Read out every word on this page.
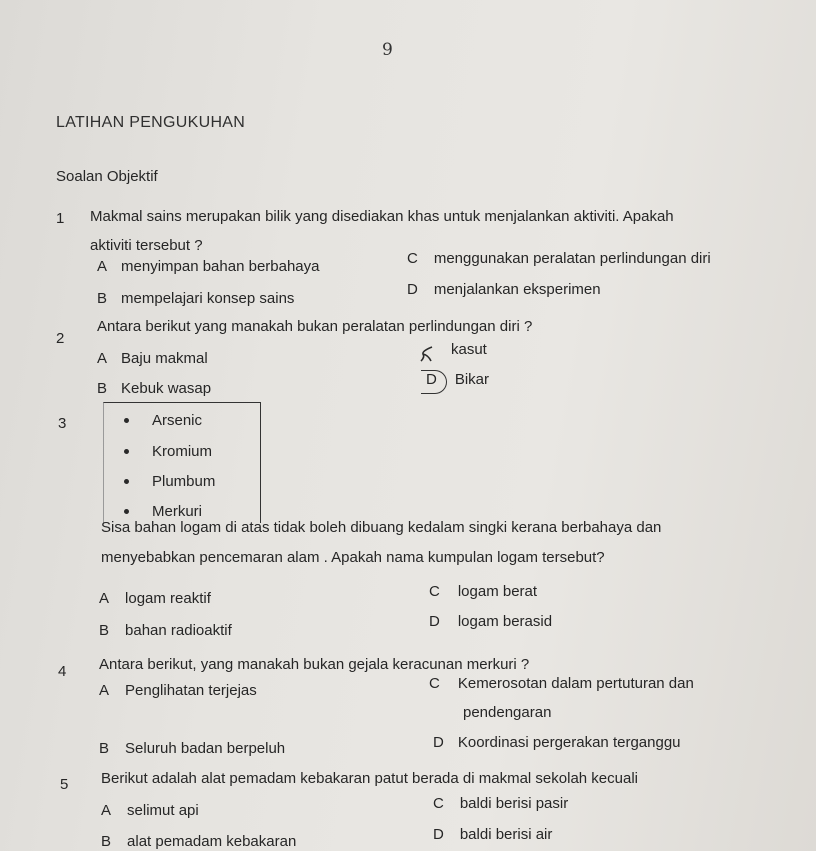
9
LATIHAN PENGUKUHAN
Soalan Objektif
1 Makmal sains merupakan bilik yang disediakan khas untuk menjalankan aktiviti. Apakah
aktiviti tersebut ?
A menyimpan bahan berbahaya
B mempelajari konsep sains
C menggunakan peralatan perlindungan diri
D menjalankan eksperimen
2
Antara berikut yang manakah bukan peralatan perlindungan diri ?
A Baju makmal
B Kebuk wasap
kasut
D Bikar
3	Arsenic
Kromium
Plumbum
Merkuri
Sisa bahan logam di atas tidak boleh dibuang kedalam singki kerana berbahaya dan
menyebabkan pencemaran alam . Apakah nama kumpulan logam tersebut?
A logam reaktif
B bahan radioaktif
C logam berat
D logam berasid
4 Antara berikut, yang manakah bukan gejala keracunan merkuri ?
A Penglihatan terjejas
B Seluruh badan berpeluh
C Kemerosotan dalam pertuturan dan
pendengaran
D Koordinasi pergerakan terganggu
5 Berikut adalah alat pemadam kebakaran patut berada di makmal sekolah kecuali
A selimut api
B alat pemadam kebakaran
C baldi berisi pasir
D baldi berisi air
